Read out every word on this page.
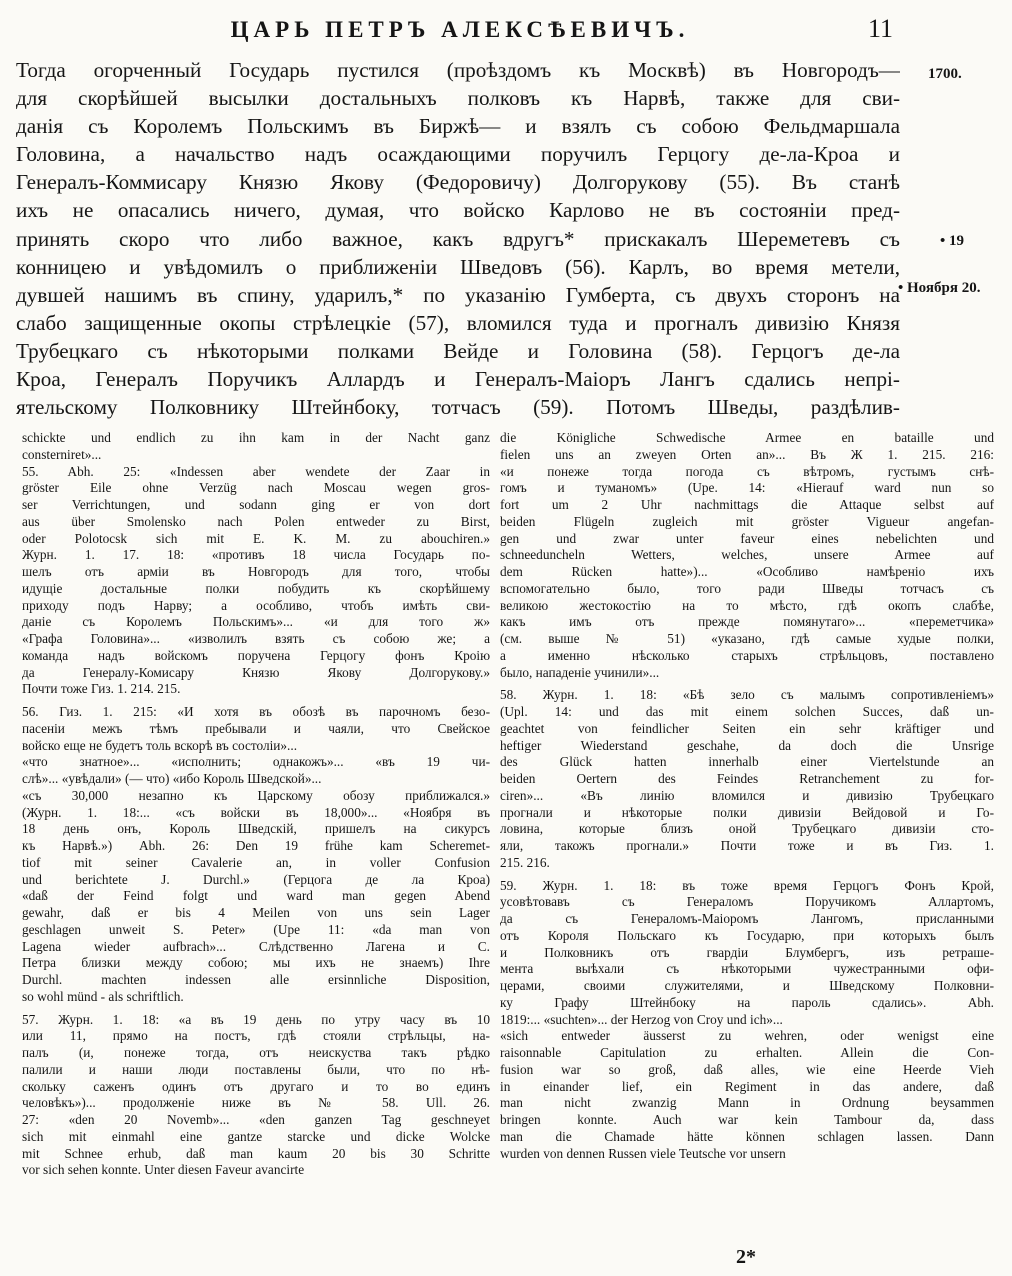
ЦАРЬ ПЕТРЪ АЛЕКСѢЕВИЧЪ.	11
Тогда огорченный Государь пустился (проѣздомъ къ Москвѣ) въ Новгородъ—
для скорѣйшей высылки достальныхъ полковъ къ Нарвѣ, также для сви-
данія съ Королемъ Польскимъ въ Биржѣ— и взялъ съ собою Фельдмаршала
Головина, а начальство надъ осаждающими поручилъ Герцогу де-ла-Кроа и
Генералъ-Коммисару Князю Якову (Федоровичу) Долгорукову (55). Въ станѣ
ихъ не опасались ничего, думая, что войско Карлово не въ состояніи пред-
принять скоро что либо важное, какъ вдругъ* прискакалъ Шереметевъ съ
конницею и увѣдомилъ о приближеніи Шведовъ (56). Карлъ, во время метели,
дувшей нашимъ въ спину, ударилъ,* по указанію Гумберта, съ двухъ сторонъ на
слабо защищенные окопы стрѣлецкіе (57), вломился туда и прогналъ дивизію Князя
Трубецкаго съ нѣкоторыми полками Вейде и Головина (58). Герцогъ де-ла
Кроа, Генералъ Поручикъ Аллардъ и Генералъ-Маіоръ Лангъ сдались непрі-
ятельскому Полковнику Штейнбоку, тотчасъ (59). Потомъ Шведы, раздѣлив-
1700.
• 19
• Ноября 20.
schickte und endlich zu ihn kam in der Nacht ganz
consterniret»...
55. Abh. 25: «Indessen aber wendete der Zaar in
gröster Eile ohne Verzüg nach Moscau wegen gros-
ser Verrichtungen, und sodann ging er von dort
aus über Smolensko nach Polen entweder zu Birst,
oder Polotocsk sich mit E. K. M. zu abouchiren.»
Журн. 1. 17. 18: «противъ 18 числа Государь по-
шелъ отъ арміи въ Новгородъ для того, чтобы
идущіе достальные полки побудить къ скорѣйшему
приходу подъ Нарву; а особливо, чтобъ имѣть сви-
даніе съ Королемъ Польскимъ»... «и для того ж»
«Графа Головина»... «изволилъ взять съ собою же; а
команда надъ войскомъ поручена Герцогу фонъ Кроію
да Генералу-Комисару Князю Якову Долгорукову.»
Почти тоже Гиз. 1. 214. 215.
56. Гиз. 1. 215: «И хотя въ обозѣ въ парочномъ безо-
пасеніи межъ тѣмъ пребывали и чаяли, что Свейское
войско еще не будетъ толь вскорѣ въ состоліи»...
«что знатное»... «исполнить; однакожъ»... «въ 19 чи-
слѣ»... «увѣдали» (— что) «ибо Король Шведской»...
«съ 30,000 незапно къ Царскому обозу приближался.»
(Журн. 1. 18:... «съ войски въ 18,000»... «Ноября въ
18 день онъ, Король Шведскій, пришелъ на сикурсъ
къ Нарвѣ.») Abh. 26: Den 19 frühe kam Scheremet-
tiof mit seiner Cavalerie an, in voller Confusion
und berichtete J. Durchl.» (Герцога де ла Кроа)
«daß der Feind folgt und ward man gegen Abend
gewahr, daß er bis 4 Meilen von uns sein Lager
geschlagen unweit S. Peter» (Upe 11: «da man von
Lagena wieder aufbrach»... Слѣдственно Лагена и С.
Петра близки между собою; мы ихъ не знаемъ) Ihre
Durchl. machten indessen alle ersinnliche Disposition,
so wohl münd - als schriftlich.
57. Журн. 1. 18: «а въ 19 день по утру часу въ 10
или 11, прямо на постъ, гдѣ стояли стрѣльцы, на-
палъ (и, понеже тогда, отъ неискуства такъ рѣдко
палили и наши люди поставлены были, что по нѣ-
скольку саженъ одинъ отъ другаго и то во единъ
человѣкъ»)... продолженіе ниже въ № 58. Ull. 26.
27: «den 20 Novemb»... «den ganzen Tag geschneyet
sich mit einmahl eine gantze starcke und dicke Wolcke
mit Schnee erhub, daß man kaum 20 bis 30 Schritte
vor sich sehen konnte. Unter diesen Faveur avancirte
die Königliche Schwedische Armee en bataille und
fielen uns an zweyen Orten an»... Въ Ж 1. 215. 216:
«и понеже тогда погода съ вѣтромъ, густымъ снѣ-
гомъ и туманомъ» (Upe. 14: «Hierauf ward nun so
fort um 2 Uhr nachmittags die Attaque selbst auf
beiden Flügeln zugleich mit gröster Vigueur angefan-
gen und zwar unter faveur eines nebelichten und
schneeduncheln Wetters, welches, unsere Armee auf
dem Rücken hatte»)... «Особливо намѣреніо ихъ
вспомогательно было, того ради Шведы тотчасъ съ
великою жестокостію на то мѣсто, гдѣ окопъ слабѣе,
какъ имъ отъ прежде помянутаго»... «переметчика»
(см. выше № 51) «указано, гдѣ самые худые полки,
а именно нѣсколько старыхъ стрѣльцовъ, поставлено
было, нападеніе учинили»...
58. Журн. 1. 18: «Бѣ зело съ малымъ сопротивленіемъ»
(Upl. 14: und das mit einem solchen Succes, daß un-
geachtet von feindlicher Seiten ein sehr kräftiger und
heftiger Wiederstand geschahe, da doch die Unsrige
des Glück hatten innerhalb einer Viertelstunde an
beiden Oertern des Feindes Retranchement zu for-
ciren»... «Въ линію вломился и дивизію Трубецкаго
прогнали и нѣкоторые полки дивизіи Вейдовой и Го-
ловина, которые близъ оной Трубецкаго дивизіи сто-
яли, такожъ прогнали.» Почти тоже и въ Гиз. 1.
215. 216.
59. Журн. 1. 18: въ тоже время Герцогъ Фонъ Крой,
усовѣтовавъ съ Генераломъ Поручикомъ Аллартомъ,
да съ Генераломъ-Маіоромъ Лангомъ, присланными
отъ Короля Польскаго къ Государю, при которыхъ былъ
и Полковникъ отъ гвардіи Блумбергъ, изъ ретраше-
мента выѣхали съ нѣкоторыми чужестранными офи-
церами, своими служителями, и Шведскому Полковни-
ку Графу Штейнбоку на пароль сдались». Abh.
1819:... «suchten»... der Herzog von Croy und ich»...
«sich entweder äusserst zu wehren, oder wenigst eine
raisonnable Capitulation zu erhalten. Allein die Con-
fusion war so groß, daß alles, wie eine Heerde Vieh
in einander lief, ein Regiment in das andere, daß
man nicht zwanzig Mann in Ordnung beysammen
bringen konnte. Auch war kein Tambour da, dass
man die Chamade hätte können schlagen lassen. Dann
wurden von dennen Russen viele Teutsche vor unsern
2*
